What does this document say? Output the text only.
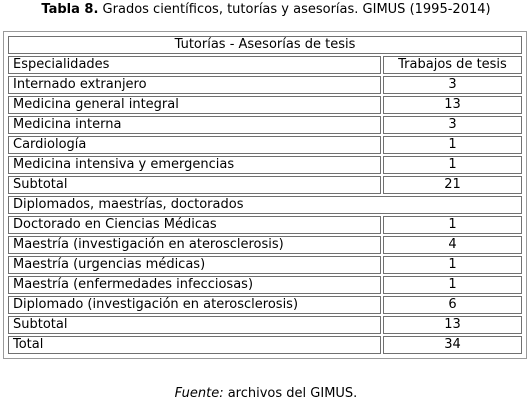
Tabla 8. Grados científicos, tutorías y asesorías. GIMUS (1995-2014)
Tutorías - Asesorías de tesis	
Especialidades	Trabajos de tesis
Internado extranjero	3
Medicina general integral	13
Medicina interna	3
Cardiología	1
Medicina intensiva y emergencias	1
Subtotal	21
Diplomados, maestrías, doctorados	
Doctorado en Ciencias Médicas	1
Maestría (investigación en aterosclerosis)	4
Maestría (urgencias médicas)	1
Maestría (enfermedades infecciosas)	1
Diplomado (investigación en aterosclerosis)	6
Subtotal	13
Total	34
Fuente: archivos del GIMUS.
